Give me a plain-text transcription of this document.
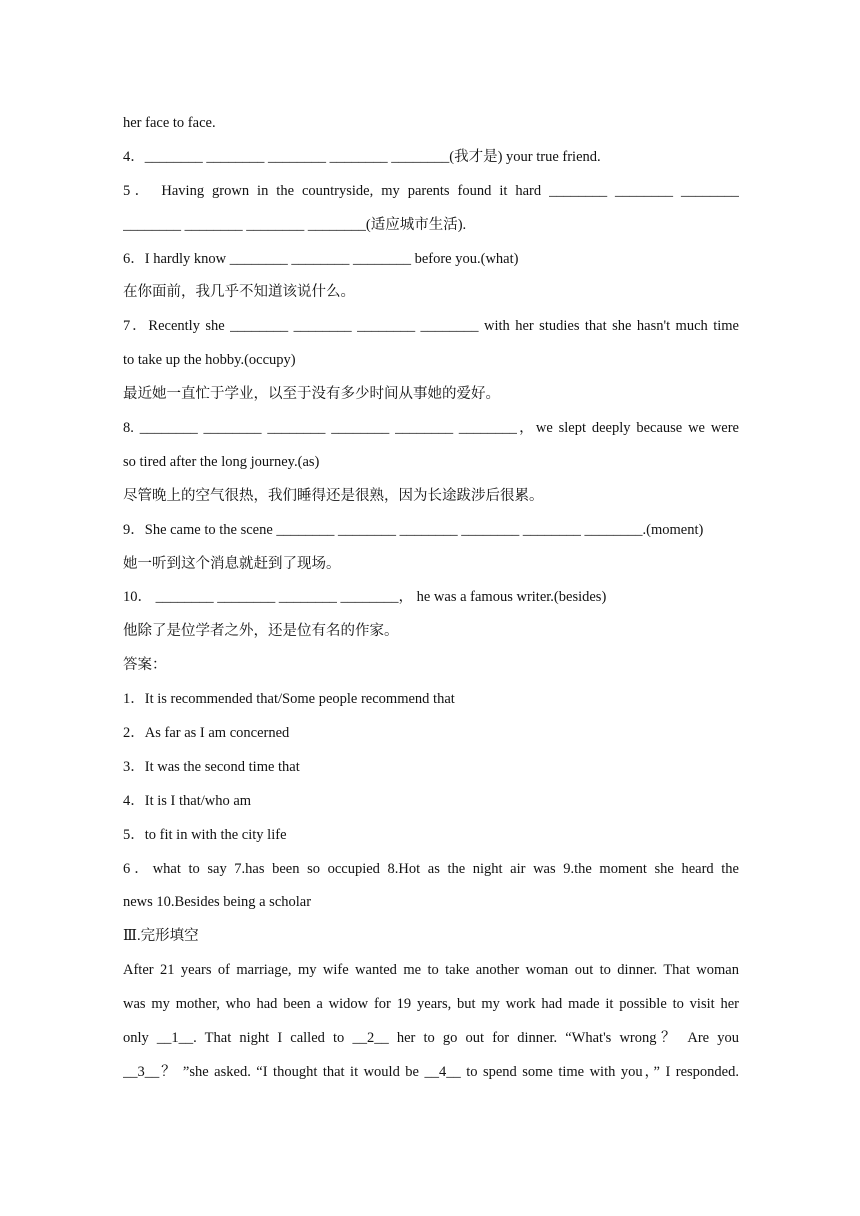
her face to face.
4．________ ________ ________ ________ ________(我才是) your true friend.
5． Having grown in the countryside, my parents found it hard ________ ________ ________
________ ________ ________ ________(适应城市生活).
6．I hardly know ________ ________ ________ before you.(what)
在你面前，我几乎不知道该说什么。
7．Recently she ________ ________ ________ ________ with her studies that she hasn't much time
to take up the hobby.(occupy)
最近她一直忙于学业，以至于没有多少时间从事她的爱好。
8. ________ ________ ________ ________ ________ ________，we slept deeply because we were
so tired after the long journey.(as)
尽管晚上的空气很热，我们睡得还是很熟，因为长途跋涉后很累。
9．She came to the scene ________ ________ ________ ________ ________ ________.(moment)
她一听到这个消息就赶到了现场。
10． ________ ________ ________ ________， he was a famous writer.(besides)
他除了是位学者之外，还是位有名的作家。
答案：
1．It is recommended that/Some people recommend that
2．As far as I am concerned
3．It was the second time that
4．It is I that/who am
5．to fit in with the city life
6．what to say 7.has been so occupied 8.Hot as the night air was 9.the moment she heard the
news 10.Besides being a scholar
Ⅲ.完形填空
After 21 years of marriage, my wife wanted me to take another woman out to dinner. That woman
was my mother, who had been a widow for 19 years, but my work had made it possible to visit her
only __1__. That night I called to __2__ her to go out for dinner. “What's wrong？ Are you
__3__？ ”she asked. “I thought that it would be __4__ to spend some time with you，” I responded.
